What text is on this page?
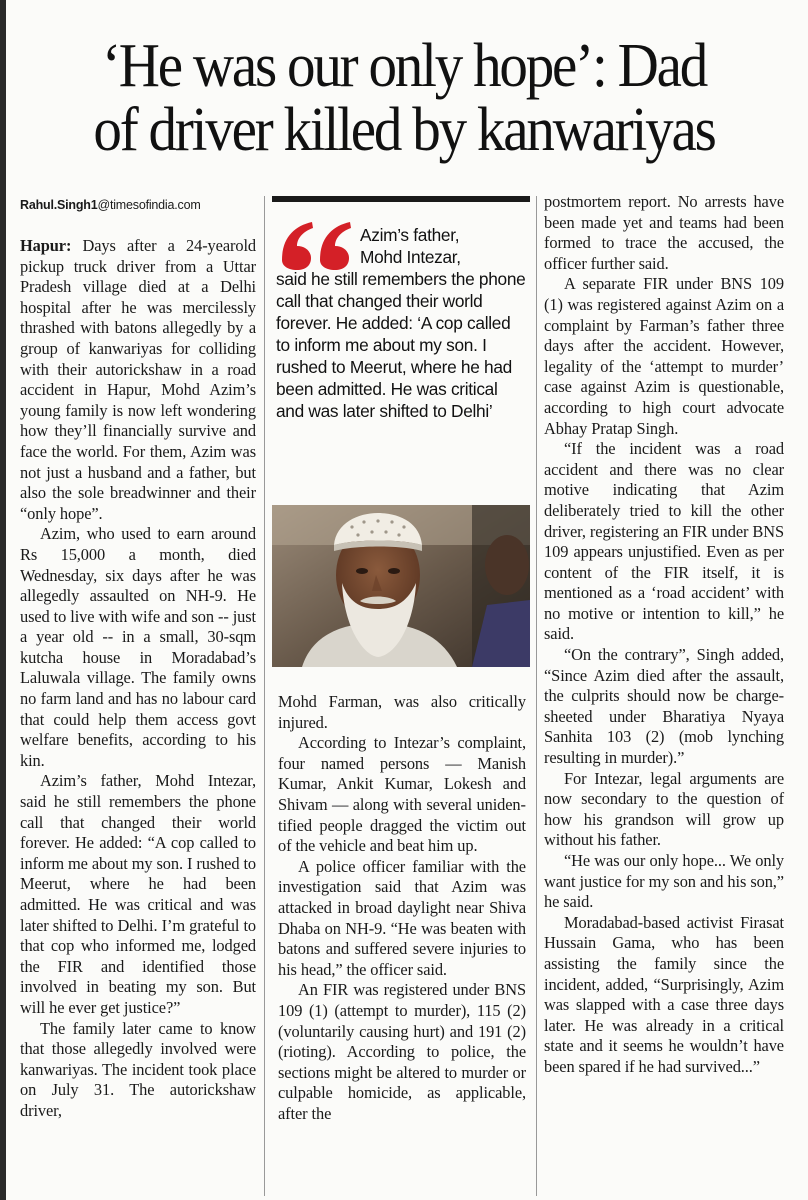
‘He was our only hope’: Dad
of driver killed by kanwariyas
Rahul.Singh1@timesofindia.com

Hapur: Days after a 24-yearold pickup truck driver from a Uttar Pradesh village died at a Delhi hospital after he was mercilessly thrashed with batons allegedly by a group of kanwariyas for colliding with their autorickshaw in a road accident in Hapur, Mohd Azim’s young family is now left wondering how they’ll financially survive and face the world. For them, Azim was not just a husband and a father, but also the sole breadwinner and their “only hope”.

Azim, who used to earn around Rs 15,000 a month, died Wednesday, six days after he was allegedly assaulted on NH-9. He used to live with wife and son -- just a year old -- in a small, 30-sqm kutcha house in Moradabad’s Laluwala village. The family owns no farm land and has no labour card that could help them access govt welfare benefits, according to his kin.

Azim’s father, Mohd Intezar, said he still remembers the phone call that changed their world forever. He added: “A cop called to inform me about my son. I rushed to Meerut, where he had been admitted. He was critical and was later shifted to Delhi. I’m grateful to that cop who informed me, lodged the FIR and identified those involved in beating my son. But will he ever get justice?”

The family later came to know that those allegedly involved were kanwariyas. The incident took place on July 31. The autorickshaw driver,

Azim’s father,
Mohd Intezar,
said he still remembers the phone call that changed their world forever. He added: ‘A cop called to inform me about my son. I rushed to Meerut, where he had been admitted. He was critical and was later shifted to Delhi’

Mohd Farman, was also critically injured.

According to Intezar’s complaint, four named persons — Manish Kumar, Ankit Kumar, Lokesh and Shivam — along with several unidentified people dragged the victim out of the vehicle and beat him up.

A police officer familiar with the investigation said that Azim was attacked in broad daylight near Shiva Dhaba on NH-9. “He was beaten with batons and suffered severe injuries to his head,” the officer said.

An FIR was registered under BNS 109 (1) (attempt to murder), 115 (2) (voluntarily causing hurt) and 191 (2) (rioting). According to police, the sections might be altered to murder or culpable homicide, as applicable, after the

postmortem report. No arrests have been made yet and teams had been formed to trace the accused, the officer further said.

A separate FIR under BNS 109 (1) was registered against Azim on a complaint by Farman’s father three days after the accident. However, legality of the ‘attempt to murder’ case against Azim is questionable, according to high court advocate Abhay Pratap Singh.

“If the incident was a road accident and there was no clear motive indicating that Azim deliberately tried to kill the other driver, registering an FIR under BNS 109 appears unjustified. Even as per content of the FIR itself, it is mentioned as a ‘road accident’ with no motive or intention to kill,” he said.

“On the contrary”, Singh added, “Since Azim died after the assault, the culprits should now be charge-sheeted under Bharatiya Nyaya Sanhita 103 (2) (mob lynching resulting in murder).”

For Intezar, legal arguments are now secondary to the question of how his grandson will grow up without his father.

“He was our only hope... We only want justice for my son and his son,” he said.

Moradabad-based activist Firasat Hussain Gama, who has been assisting the family since the incident, added, “Surprisingly, Azim was slapped with a case three days later. He was already in a critical state and it seems he wouldn’t have been spared if he had survived...”
